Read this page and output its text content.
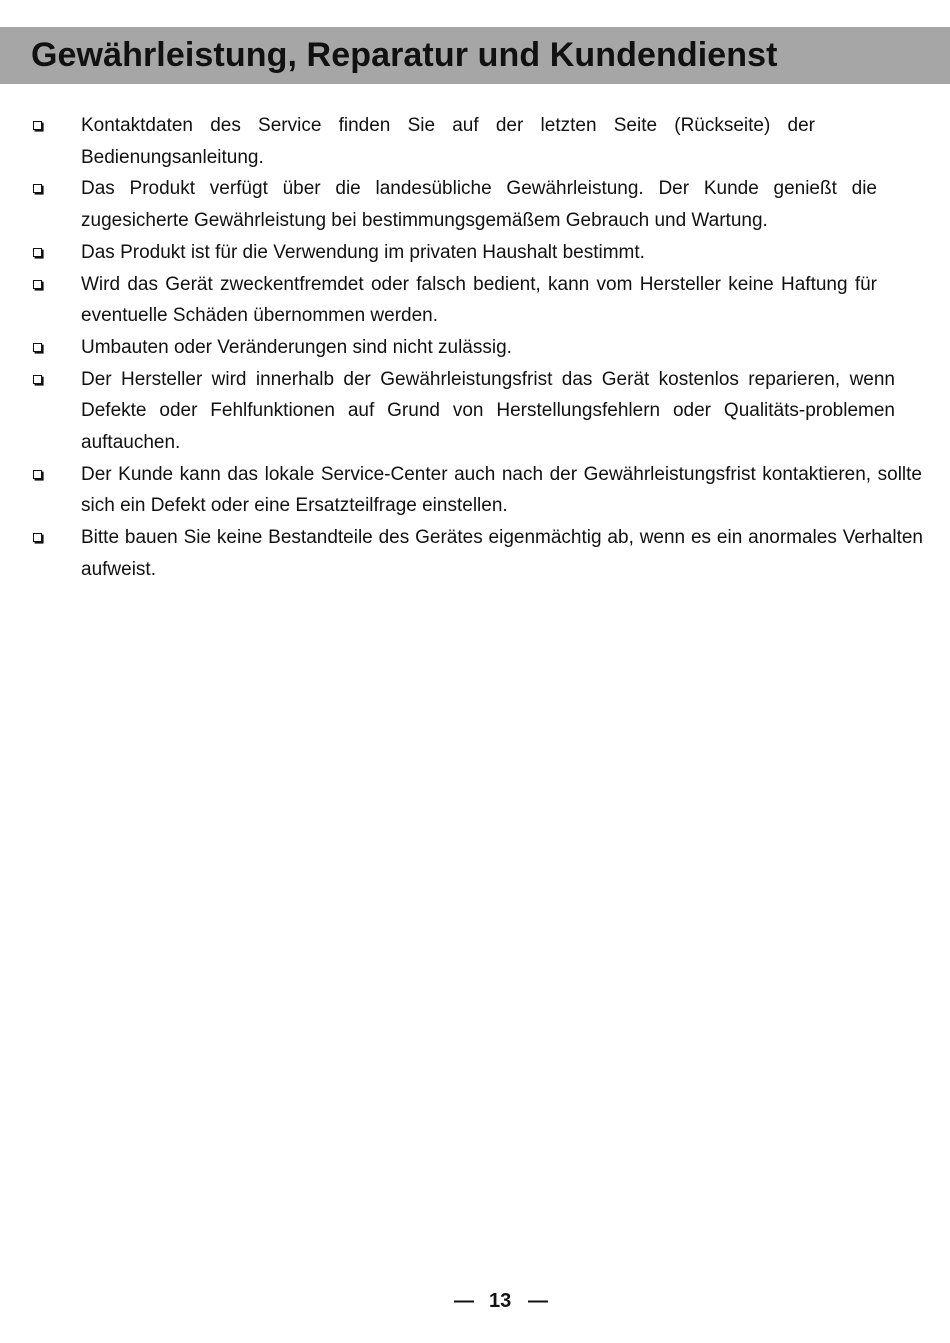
Gewährleistung, Reparatur und Kundendienst
Kontaktdaten des Service finden Sie auf der letzten Seite (Rückseite) der Bedienungsanleitung.
Das Produkt verfügt über die landesübliche Gewährleistung. Der Kunde genießt die zugesicherte Gewährleistung bei bestimmungsgemäßem Gebrauch und Wartung.
Das Produkt ist für die Verwendung im privaten Haushalt bestimmt.
Wird das Gerät zweckentfremdet oder falsch bedient, kann vom Hersteller keine Haftung für eventuelle Schäden übernommen werden.
Umbauten oder Veränderungen sind nicht zulässig.
Der Hersteller wird innerhalb der Gewährleistungsfrist das Gerät kostenlos reparieren, wenn Defekte oder Fehlfunktionen auf Grund von Herstellungsfehlern oder Qualitäts-problemen auftauchen.
Der Kunde kann das lokale Service-Center auch nach der Gewährleistungsfrist kontaktieren, sollte sich ein Defekt oder eine Ersatzteilfrage einstellen.
Bitte bauen Sie keine Bestandteile des Gerätes eigenmächtig ab, wenn es ein anormales Verhalten aufweist.
— 13 —
